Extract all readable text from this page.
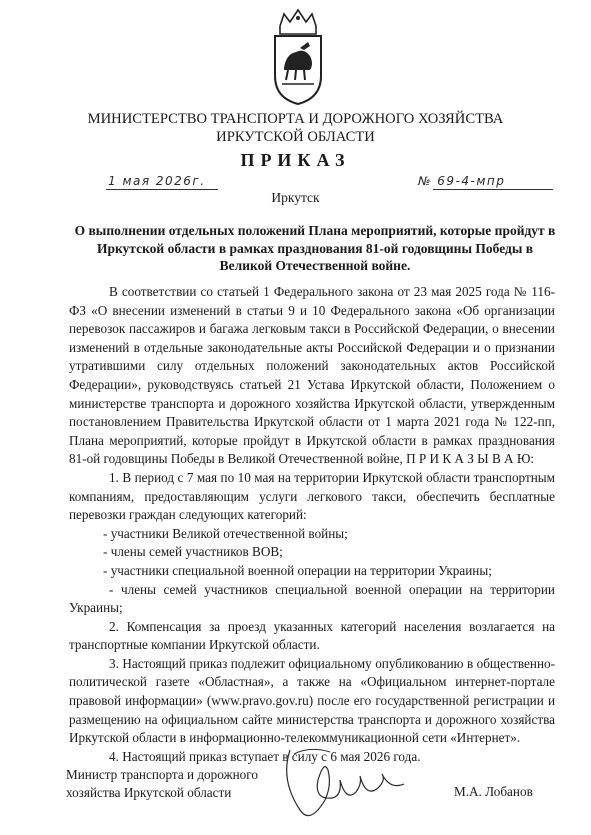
МИНИСТЕРСТВО ТРАНСПОРТА И ДОРОЖНОГО ХОЗЯЙСТВА
ИРКУТСКОЙ ОБЛАСТИ
ПРИКАЗ
1 мая 2026г.	№ 69-4-мпр
Иркутск
О выполнении отдельных положений Плана мероприятий, которые пройдут в Иркутской области в рамках празднования 81-ой годовщины Победы в Великой Отечественной войне.

В соответствии со статьей 1 Федерального закона от 23 мая 2025 года № 116-ФЗ «О внесении изменений в статьи 9 и 10 Федерального закона «Об организации перевозок пассажиров и багажа легковым такси в Российской Федерации, о внесении изменений в отдельные законодательные акты Российской Федерации и о признании утратившими силу отдельных положений законодательных актов Российской Федерации», руководствуясь статьей 21 Устава Иркутской области, Положением о министерстве транспорта и дорожного хозяйства Иркутской области, утвержденным постановлением Правительства Иркутской области от 1 марта 2021 года № 122-пп, Плана мероприятий, которые пройдут в Иркутской области в рамках празднования 81-ой годовщины Победы в Великой Отечественной войне, П Р И К А З Ы В А Ю:

1. В период с 7 мая по 10 мая на территории Иркутской области транспортным компаниям, предоставляющим услуги легкового такси, обеспечить бесплатные перевозки граждан следующих категорий:

- участники Великой отечественной войны;

- члены семей участников ВОВ;

- участники специальной военной операции на территории Украины;

- члены семей участников специальной военной операции на территории Украины;

2. Компенсация за проезд указанных категорий населения возлагается на транспортные компании Иркутской области.

3. Настоящий приказ подлежит официальному опубликованию в общественно-политической газете «Областная», а также на «Официальном интернет-портале правовой информации» (www.pravo.gov.ru) после его государственной регистрации и размещению на официальном сайте министерства транспорта и дорожного хозяйства Иркутской области в информационно-телекоммуникационной сети «Интернет».

4. Настоящий приказ вступает в силу с 6 мая 2026 года.

Министр транспорта и дорожного
хозяйства Иркутской области	М.А. Лобанов
